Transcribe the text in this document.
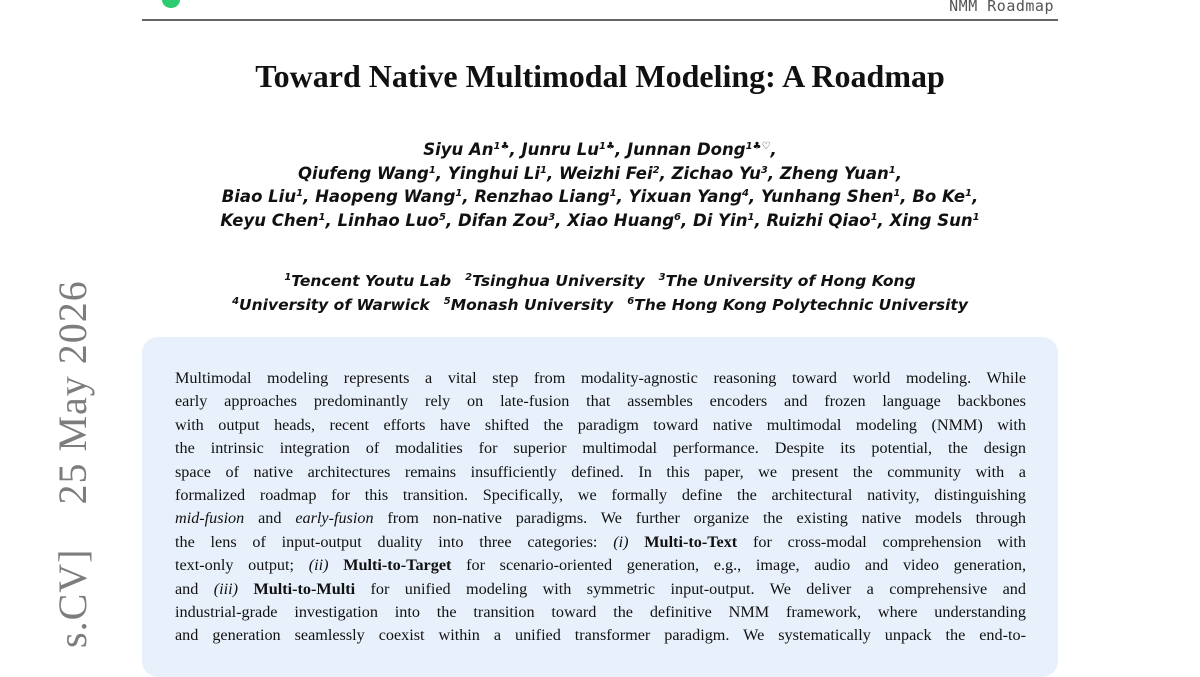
NMM Roadmap
s.CV]  25 May 2026
Toward Native Multimodal Modeling: A Roadmap
Siyu $An^{1♣}$, Junru $Lu^{1♣}$, Junnan Dong$^{1♣♡}$,
Qiufeng Wang$^1$, Yinghui Li$^1$, Weizhi Fei$^2$, Zichao Yu$^3$, Zheng Yuan$^1$,
Biao Liu$^1$, Haopeng Wang$^1$, Renzhao Liang$^1$, Yixuan Yang$^4$, Yunhang Shen$^1$, Bo Ke$^1$,
Keyu Chen$^1$, Linhao Luo$^5$, Difan Zou$^3$, Xiao Huang$^6$, Di Yin$^1$, Ruizhi Qiao$^1$, Xing Sun$^1$
$^1$Tencent Youtu Lab $^2$Tsinghua University $^3$The University of Hong Kong
$^4$University of Warwick $^5$Monash University $^6$The Hong Kong Polytechnic University
Multimodal modeling represents a vital step from modality-agnostic reasoning toward world modeling. While
early approaches predominantly rely on late-fusion that assembles encoders and frozen language backbones
with output heads, recent efforts have shifted the paradigm toward native multimodal modeling (NMM) with
the intrinsic integration of modalities for superior multimodal performance. Despite its potential, the design
space of native architectures remains insufficiently defined. In this paper, we present the community with a
formalized roadmap for this transition. Specifically, we formally define the architectural nativity, distinguishing
mid-fusion and early-fusion from non-native paradigms. We further organize the existing native models through
the lens of input-output duality into three categories: (i) Multi-to-Text for cross-modal comprehension with
text-only output; (ii) Multi-to-Target for scenario-oriented generation, e.g., image, audio and video generation,
and (iii) Multi-to-Multi for unified modeling with symmetric input-output. We deliver a comprehensive and
industrial-grade investigation into the transition toward the definitive NMM framework, where understanding
and generation seamlessly coexist within a unified transformer paradigm. We systematically unpack the end-to-
